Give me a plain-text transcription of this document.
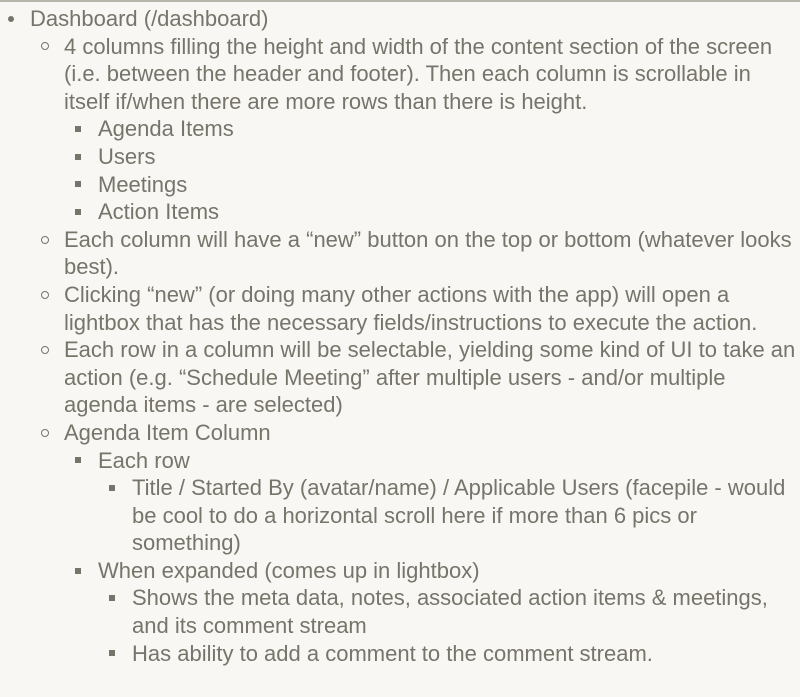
Dashboard (/dashboard)
4 columns filling the height and width of the content section of the screen (i.e. between the header and footer). Then each column is scrollable in itself if/when there are more rows than there is height.
Agenda Items
Users
Meetings
Action Items
Each column will have a “new” button on the top or bottom (whatever looks best).
Clicking “new” (or doing many other actions with the app) will open a lightbox that has the necessary fields/instructions to execute the action.
Each row in a column will be selectable, yielding some kind of UI to take an action (e.g. “Schedule Meeting” after multiple users - and/or multiple agenda items - are selected)
Agenda Item Column
Each row
Title / Started By (avatar/name) / Applicable Users (facepile - would be cool to do a horizontal scroll here if more than 6 pics or something)
When expanded (comes up in lightbox)
Shows the meta data, notes, associated action items & meetings, and its comment stream
Has ability to add a comment to the comment stream.
